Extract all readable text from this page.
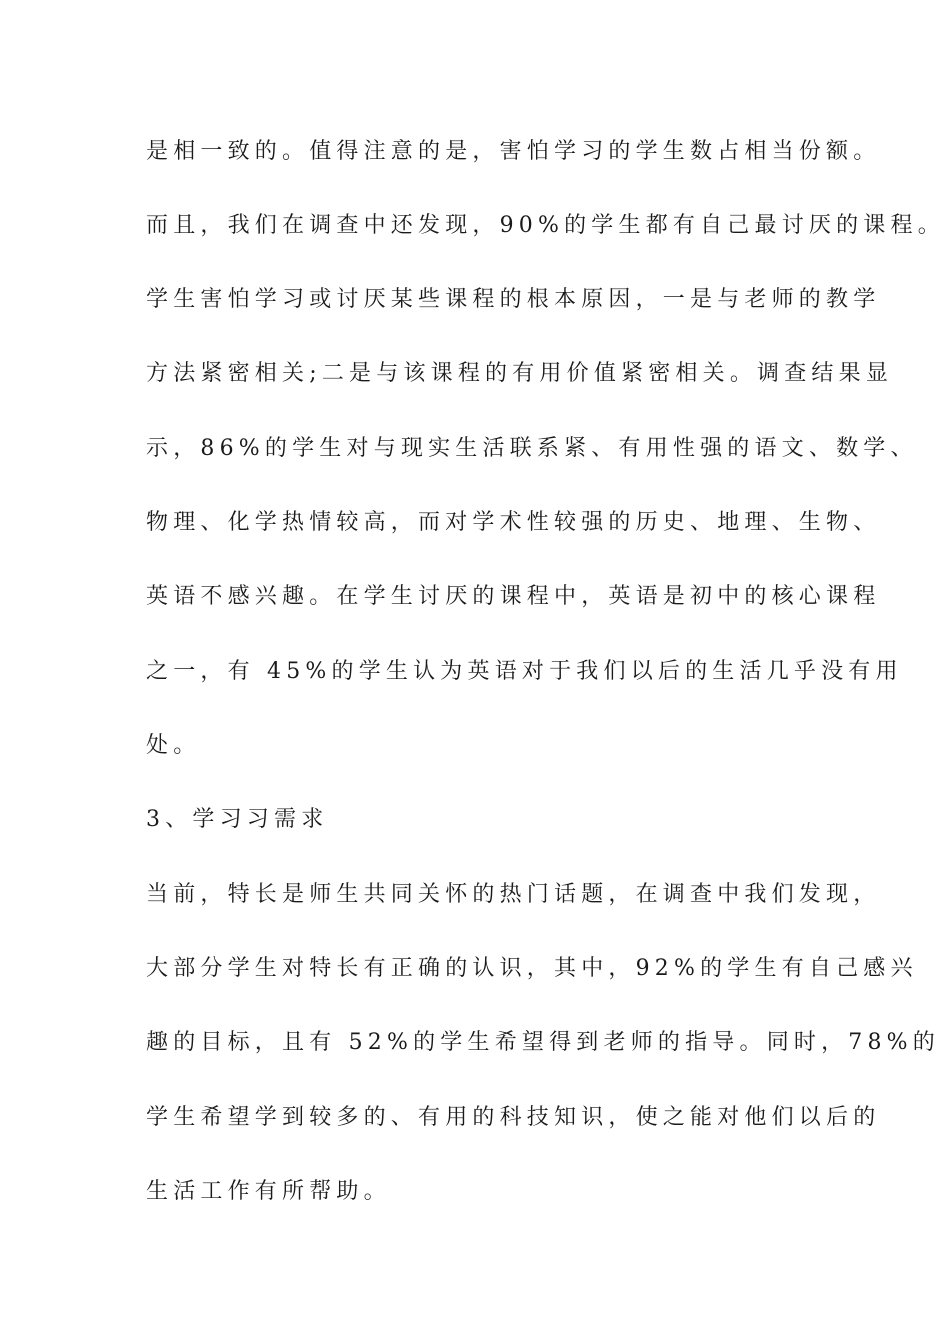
是相一致的。值得注意的是，害怕学习的学生数占相当份额。

而且，我们在调查中还发现，90%的学生都有自己最讨厌的课程。

学生害怕学习或讨厌某些课程的根本原因，一是与老师的教学

方法紧密相关;二是与该课程的有用价值紧密相关。调查结果显

示，86%的学生对与现实生活联系紧、有用性强的语文、数学、

物理、化学热情较高，而对学术性较强的历史、地理、生物、

英语不感兴趣。在学生讨厌的课程中，英语是初中的核心课程

之一，有 45%的学生认为英语对于我们以后的生活几乎没有用

处。

3、学习习需求

当前，特长是师生共同关怀的热门话题，在调查中我们发现，

大部分学生对特长有正确的认识，其中，92%的学生有自己感兴

趣的目标，且有 52%的学生希望得到老师的指导。同时，78%的

学生希望学到较多的、有用的科技知识，使之能对他们以后的

生活工作有所帮助。
